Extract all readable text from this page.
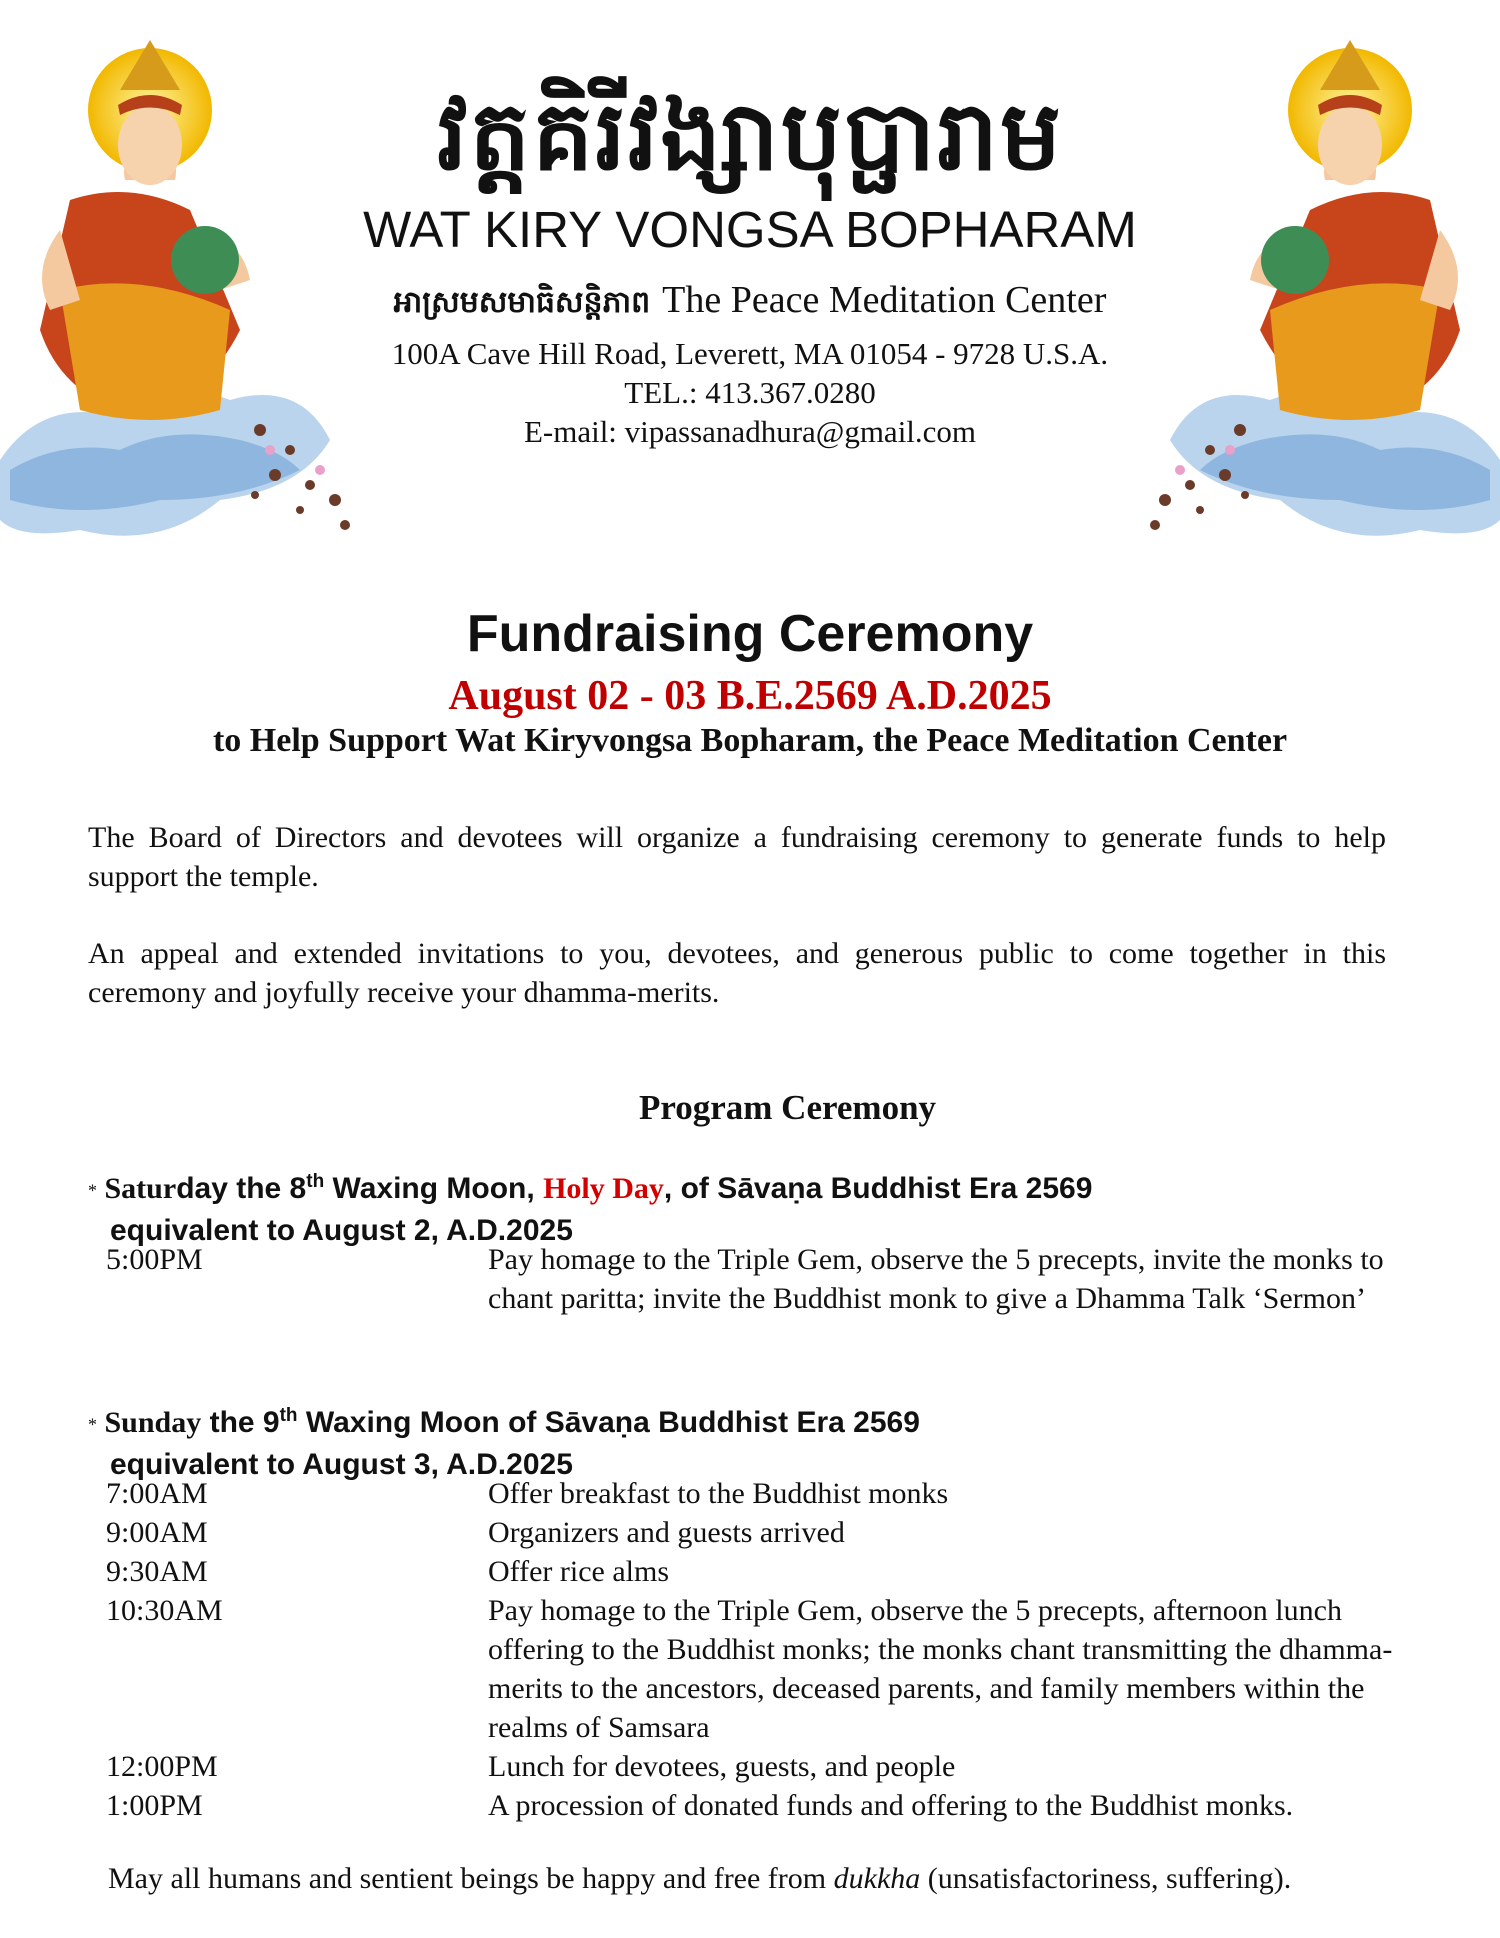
វត្តគិរីវង្សាបុប្ផារាម
WAT KIRY VONGSA BOPHARAM
អាស្រមសមាធិសន្តិភាព The Peace Meditation Center
100A Cave Hill Road, Leverett, MA 01054 - 9728 U.S.A.
TEL.: 413.367.0280
E-mail: vipassanadhura@gmail.com
Fundraising Ceremony
August 02 - 03 B.E.2569 A.D.2025
to Help Support Wat Kiryvongsa Bopharam, the Peace Meditation Center
The Board of Directors and devotees will organize a fundraising ceremony to generate funds to help support the temple.
An appeal and extended invitations to you, devotees, and generous public to come together in this ceremony and joyfully receive your dhamma-merits.
Program Ceremony
* Saturday the 8th Waxing Moon, Holy Day, of Sāvaṇa Buddhist Era 2569
equivalent to August 2, A.D.2025
5:00PM	Pay homage to the Triple Gem, observe the 5 precepts, invite the monks to chant paritta; invite the Buddhist monk to give a Dhamma Talk ‘Sermon’
* Sunday the 9th Waxing Moon of Sāvaṇa Buddhist Era 2569
equivalent to August 3, A.D.2025
7:00AM	Offer breakfast to the Buddhist monks
9:00AM	Organizers and guests arrived
9:30AM	Offer rice alms
10:30AM	Pay homage to the Triple Gem, observe the 5 precepts, afternoon lunch offering to the Buddhist monks; the monks chant transmitting the dhamma-merits to the ancestors, deceased parents, and family members within the realms of Samsara
12:00PM	Lunch for devotees, guests, and people
1:00PM	A procession of donated funds and offering to the Buddhist monks.
May all humans and sentient beings be happy and free from dukkha (unsatisfactoriness, suffering).
